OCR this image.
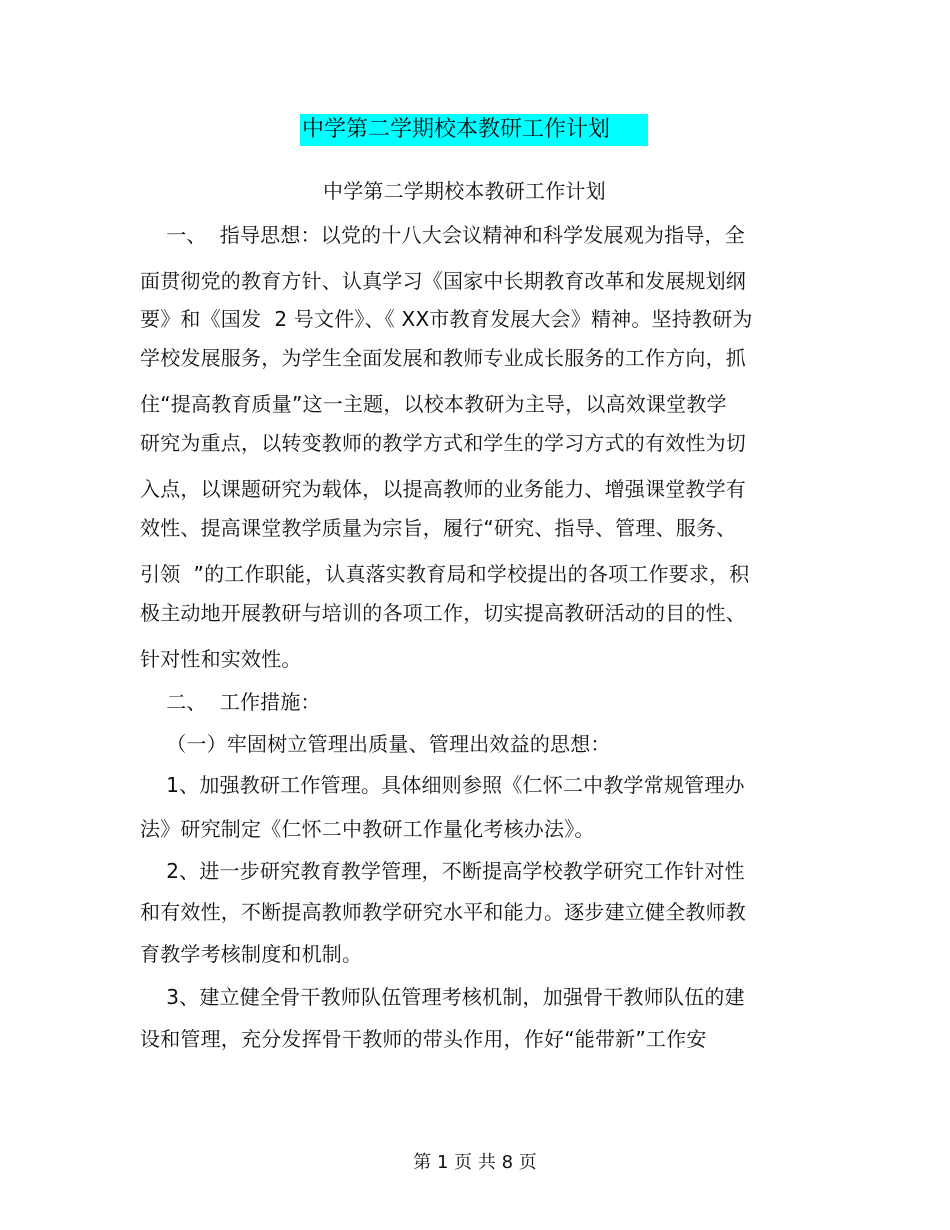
中学第二学期校本教研工作计划
中学第二学期校本教研工作计划
一、  指导思想：以党的十八大会议精神和科学发展观为指导，全
面贯彻党的教育方针、认真学习《国家中长期教育改革和发展规划纲
要》和《国发  2 号文件》、《 XX市教育发展大会》精神。坚持教研为
学校发展服务，为学生全面发展和教师专业成长服务的工作方向，抓
住“提高教育质量”这一主题，以校本教研为主导，以高效课堂教学
研究为重点，以转变教师的教学方式和学生的学习方式的有效性为切
入点，以课题研究为载体，以提高教师的业务能力、增强课堂教学有
效性、提高课堂教学质量为宗旨，履行“研究、指导、管理、服务、
引领  ”的工作职能，认真落实教育局和学校提出的各项工作要求，积
极主动地开展教研与培训的各项工作，切实提高教研活动的目的性、
针对性和实效性。
二、  工作措施：
（一）牢固树立管理出质量、管理出效益的思想：
1、加强教研工作管理。具体细则参照《仁怀二中教学常规管理办
法》研究制定《仁怀二中教研工作量化考核办法》。
2、进一步研究教育教学管理，不断提高学校教学研究工作针对性
和有效性，不断提高教师教学研究水平和能力。逐步建立健全教师教
育教学考核制度和机制。
3、建立健全骨干教师队伍管理考核机制，加强骨干教师队伍的建
设和管理，充分发挥骨干教师的带头作用，作好“能带新”工作安
第 1 页 共 8 页
